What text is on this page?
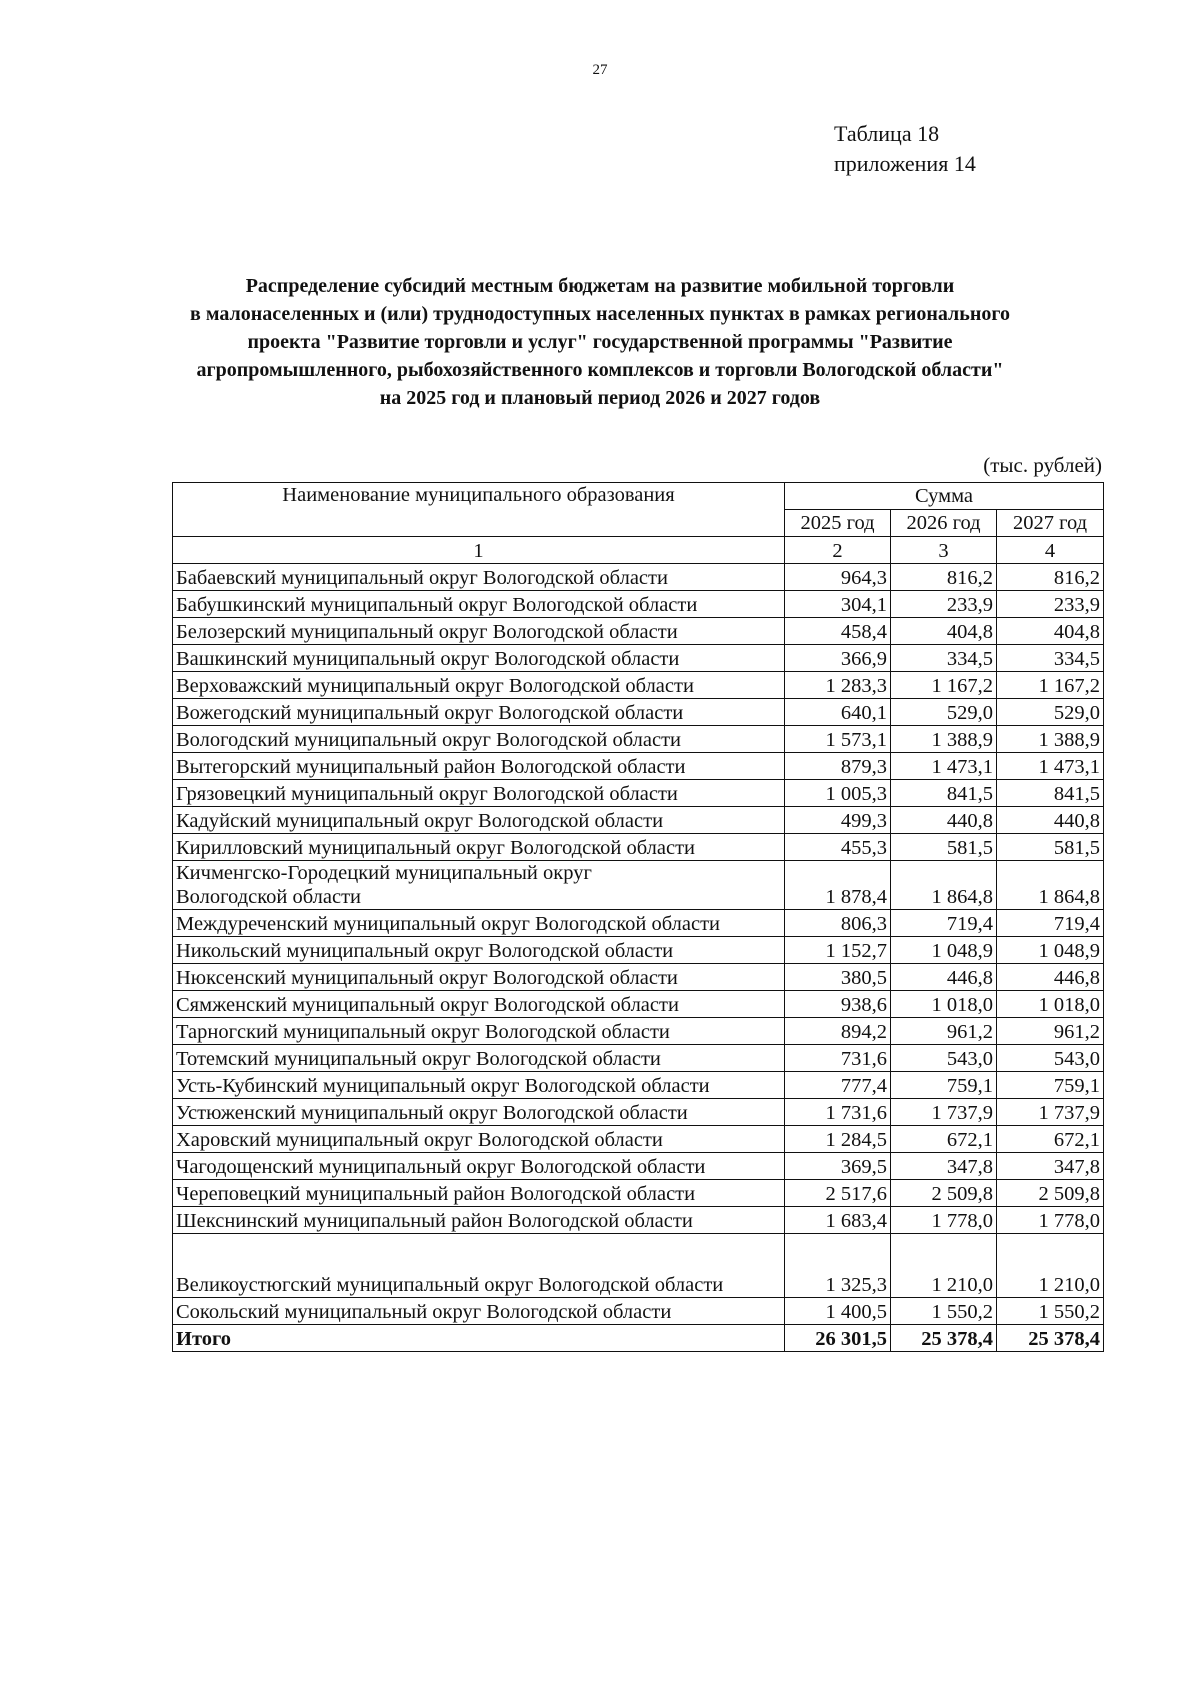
27
Таблица 18
приложения 14
Распределение субсидий местным бюджетам на развитие мобильной торговли
в малонаселенных и (или) труднодоступных населенных пунктах в рамках регионального
проекта "Развитие торговли и услуг" государственной программы "Развитие
агропромышленного, рыбохозяйственного комплексов и торговли Вологодской области"
на 2025 год и плановый период 2026 и 2027 годов
(тыс. рублей)
Наименование муниципального образования	Сумма		
	2025 год	2026 год	2027 год
1	2	3	4
Бабаевский муниципальный округ Вологодской области	964,3	816,2	816,2
Бабушкинский муниципальный округ Вологодской области	304,1	233,9	233,9
Белозерский муниципальный округ Вологодской области	458,4	404,8	404,8
Вашкинский муниципальный округ Вологодской области	366,9	334,5	334,5
Верховажский муниципальный округ Вологодской области	1 283,3	1 167,2	1 167,2
Вожегодский муниципальный округ Вологодской области	640,1	529,0	529,0
Вологодский муниципальный округ Вологодской области	1 573,1	1 388,9	1 388,9
Вытегорский муниципальный район Вологодской области	879,3	1 473,1	1 473,1
Грязовецкий муниципальный округ Вологодской области	1 005,3	841,5	841,5
Кадуйский муниципальный округ Вологодской области	499,3	440,8	440,8
Кирилловский муниципальный округ Вологодской области	455,3	581,5	581,5

Кичменгско-Городецкий муниципальный округ
Вологодской области	1 878,4	1 864,8	1 864,8
Междуреченский муниципальный округ Вологодской области	806,3	719,4	719,4
Никольский муниципальный округ Вологодской области	1 152,7	1 048,9	1 048,9
Нюксенский муниципальный округ Вологодской области	380,5	446,8	446,8
Сямженский муниципальный округ Вологодской области	938,6	1 018,0	1 018,0
Тарногский муниципальный округ Вологодской области	894,2	961,2	961,2
Тотемский муниципальный округ Вологодской области	731,6	543,0	543,0
Усть-Кубинский муниципальный округ Вологодской области	777,4	759,1	759,1
Устюженский муниципальный округ Вологодской области	1 731,6	1 737,9	1 737,9
Харовский муниципальный округ Вологодской области	1 284,5	672,1	672,1
Чагодощенский муниципальный округ Вологодской области	369,5	347,8	347,8
Череповецкий муниципальный район Вологодской области	2 517,6	2 509,8	2 509,8
Шекснинский муниципальный район Вологодской области	1 683,4	1 778,0	1 778,0
Великоустюгский муниципальный округ Вологодской области	1 325,3	1 210,0	1 210,0
Сокольский муниципальный округ Вологодской области	1 400,5	1 550,2	1 550,2
Итого	26 301,5	25 378,4	25 378,4
